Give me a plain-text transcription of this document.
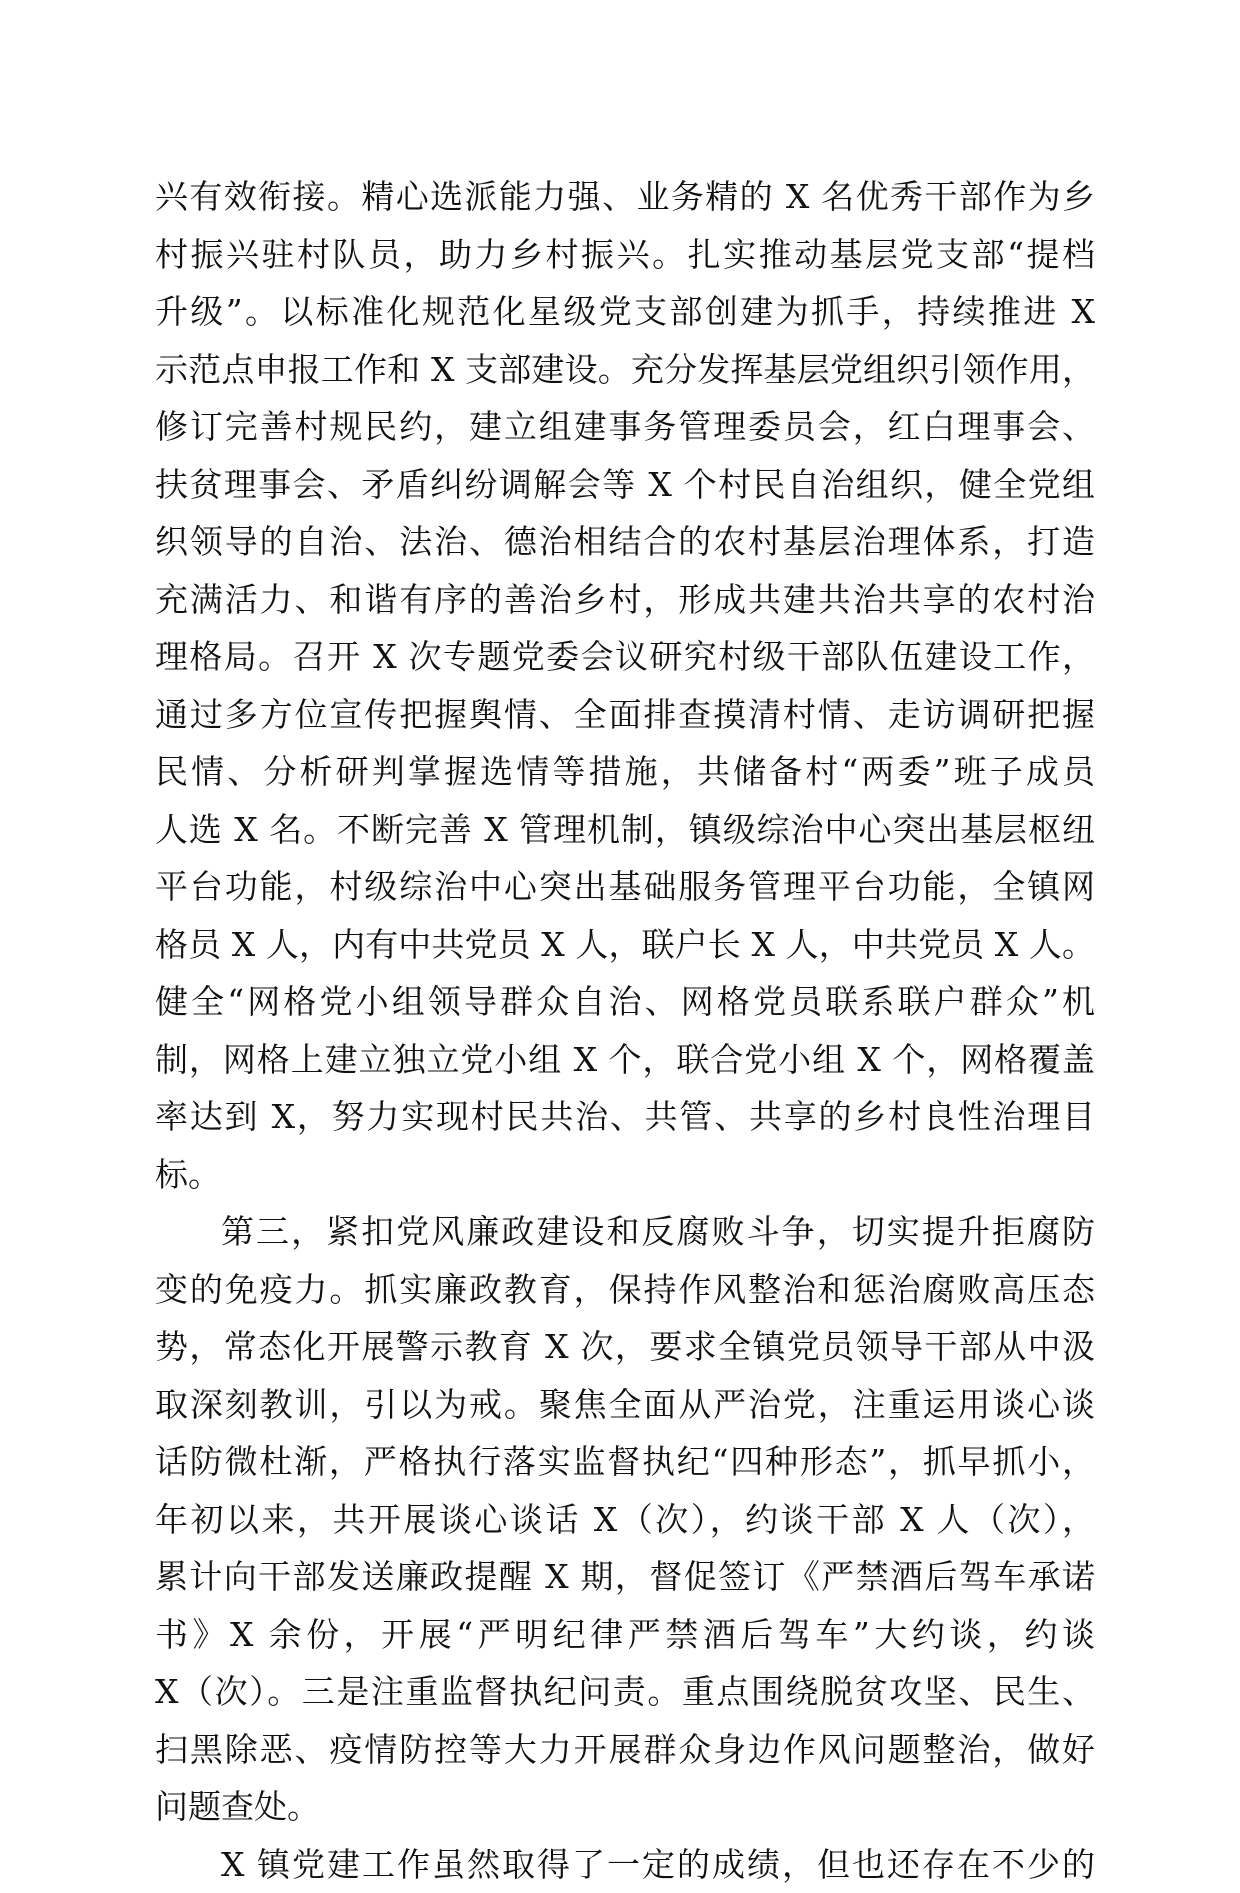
兴有效衔接。精心选派能力强、业务精的 X 名优秀干部作为乡
村振兴驻村队员，助力乡村振兴。扎实推动基层党支部“提档
升级”。以标准化规范化星级党支部创建为抓手，持续推进 X
示范点申报工作和 X 支部建设。充分发挥基层党组织引领作用，
修订完善村规民约，建立组建事务管理委员会，红白理事会、
扶贫理事会、矛盾纠纷调解会等 X 个村民自治组织，健全党组
织领导的自治、法治、德治相结合的农村基层治理体系，打造
充满活力、和谐有序的善治乡村，形成共建共治共享的农村治
理格局。召开 X 次专题党委会议研究村级干部队伍建设工作，
通过多方位宣传把握舆情、全面排查摸清村情、走访调研把握
民情、分析研判掌握选情等措施，共储备村“两委”班子成员
人选 X 名。不断完善 X 管理机制，镇级综治中心突出基层枢纽
平台功能，村级综治中心突出基础服务管理平台功能，全镇网
格员 X 人，内有中共党员 X 人，联户长 X 人，中共党员 X 人。
健全“网格党小组领导群众自治、网格党员联系联户群众”机
制，网格上建立独立党小组 X 个，联合党小组 X 个，网格覆盖
率达到 X，努力实现村民共治、共管、共享的乡村良性治理目
标。
第三，紧扣党风廉政建设和反腐败斗争，切实提升拒腐防
变的免疫力。抓实廉政教育，保持作风整治和惩治腐败高压态
势，常态化开展警示教育 X 次，要求全镇党员领导干部从中汲
取深刻教训，引以为戒。聚焦全面从严治党，注重运用谈心谈
话防微杜渐，严格执行落实监督执纪“四种形态”，抓早抓小，
年初以来，共开展谈心谈话 X（次），约谈干部 X 人（次），
累计向干部发送廉政提醒 X 期，督促签订《严禁酒后驾车承诺
书》X 余份，开展“严明纪律严禁酒后驾车”大约谈，约谈
X（次）。三是注重监督执纪问责。重点围绕脱贫攻坚、民生、
扫黑除恶、疫情防控等大力开展群众身边作风问题整治，做好
问题查处。
X 镇党建工作虽然取得了一定的成绩，但也还存在不少的
